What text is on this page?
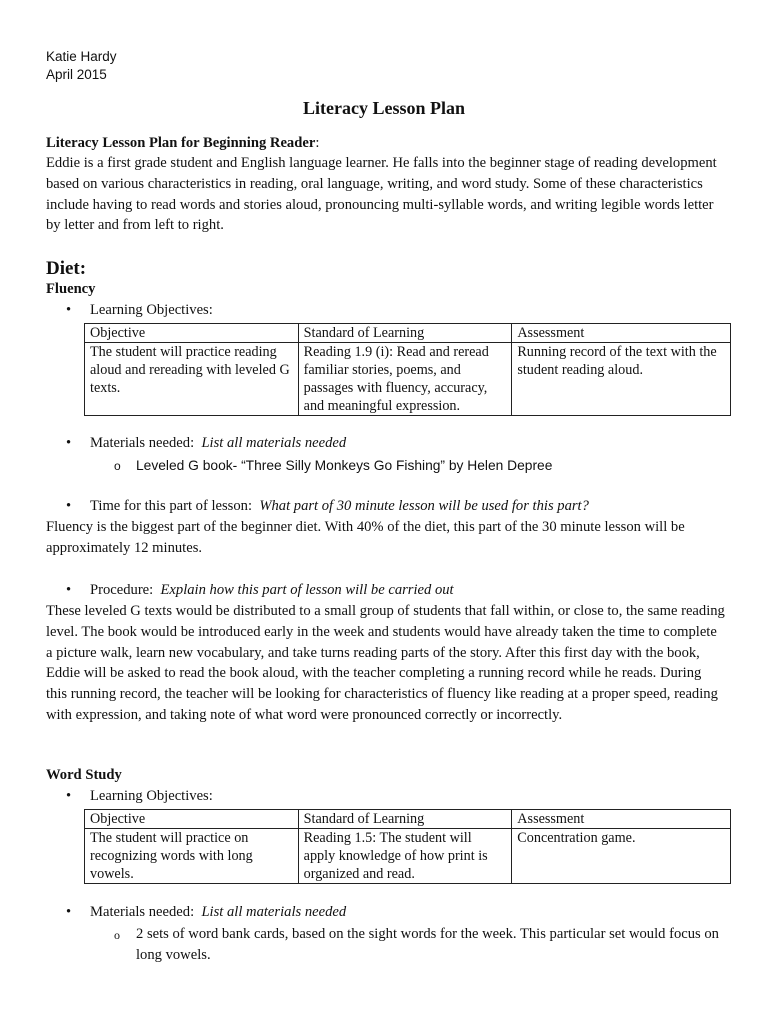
Katie Hardy
April 2015
Literacy Lesson Plan
Literacy Lesson Plan for Beginning Reader:
Eddie is a first grade student and English language learner. He falls into the beginner stage of reading development based on various characteristics in reading, oral language, writing, and word study. Some of these characteristics include having to read words and stories aloud, pronouncing multi-syllable words, and writing legible words letter by letter and from left to right.
Diet:
Fluency
• Learning Objectives:
Objective	Standard of Learning	Assessment
The student will practice reading aloud and rereading with leveled G texts.	Reading 1.9 (i): Read and reread familiar stories, poems, and passages with fluency, accuracy, and meaningful expression.	Running record of the text with the student reading aloud.
• Materials needed: List all materials needed
o Leveled G book- “Three Silly Monkeys Go Fishing” by Helen Depree
• Time for this part of lesson: What part of 30 minute lesson will be used for this part?
Fluency is the biggest part of the beginner diet. With 40% of the diet, this part of the 30 minute lesson will be approximately 12 minutes.
• Procedure: Explain how this part of lesson will be carried out
These leveled G texts would be distributed to a small group of students that fall within, or close to, the same reading level. The book would be introduced early in the week and students would have already taken the time to complete a picture walk, learn new vocabulary, and take turns reading parts of the story. After this first day with the book, Eddie will be asked to read the book aloud, with the teacher completing a running record while he reads. During this running record, the teacher will be looking for characteristics of fluency like reading at a proper speed, reading with expression, and taking note of what word were pronounced correctly or incorrectly.
Word Study
• Learning Objectives:
Objective	Standard of Learning	Assessment
The student will practice on recognizing words with long vowels.	Reading 1.5: The student will apply knowledge of how print is organized and read.	Concentration game.
• Materials needed: List all materials needed
o 2 sets of word bank cards, based on the sight words for the week. This particular set would focus on long vowels.
